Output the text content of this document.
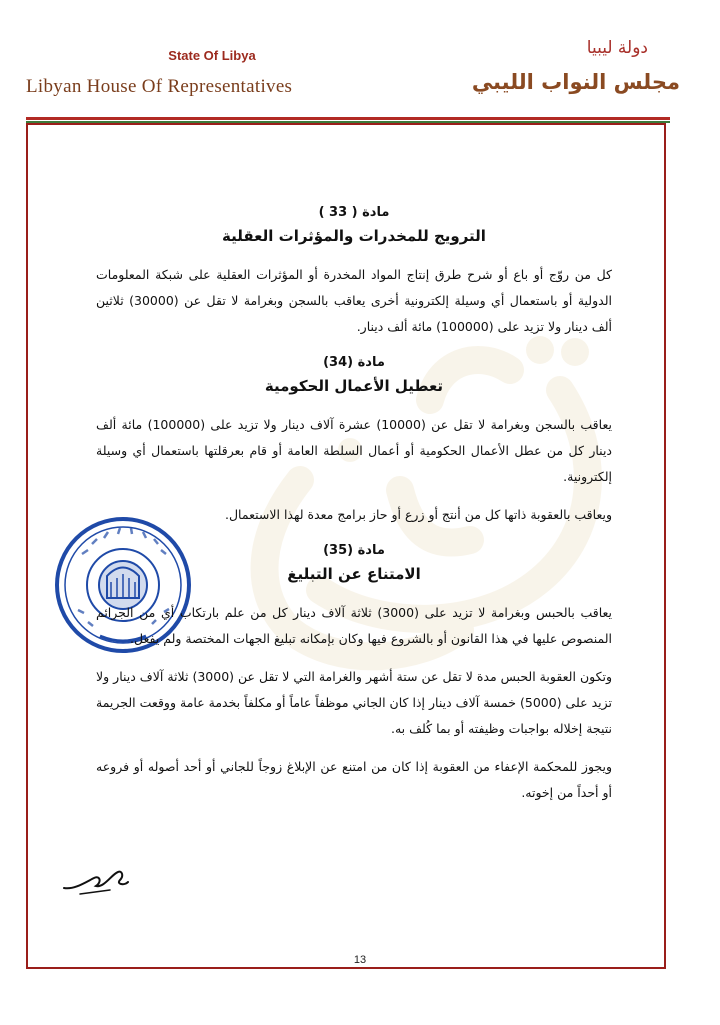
State Of Libya
Libyan House Of Representatives
دولة ليبيا
مجلس النواب الليبي
مادة ( 33 )
الترويج للمخدرات والمؤثرات العقلية

كل من روّج أو باع أو شرح طرق إنتاج المواد المخدرة أو المؤثرات العقلية على شبكة المعلومات الدولية أو باستعمال أي وسيلة إلكترونية أخرى يعاقب بالسجن وبغرامة لا تقل عن (30000) ثلاثين ألف دينار ولا تزيد على (100000) مائة ألف دينار.

مادة (34)
تعطيل الأعمال الحكومية

يعاقب بالسجن وبغرامة لا تقل عن (10000) عشرة آلاف دينار ولا تزيد على (100000) مائة ألف دينار كل من عطل الأعمال الحكومية أو أعمال السلطة العامة أو قام بعرقلتها باستعمال أي وسيلة إلكترونية.

ويعاقب بالعقوبة ذاتها كل من أنتج أو زرع أو حاز برامج معدة لهذا الاستعمال.

مادة (35)
الامتناع عن التبليغ

يعاقب بالحبس وبغرامة لا تزيد على (3000) ثلاثة آلاف دينار كل من علم بارتكاب أي من الجرائم المنصوص عليها في هذا القانون أو بالشروع فيها وكان بإمكانه تبليغ الجهات المختصة ولم يفعل.

وتكون العقوبة الحبس مدة لا تقل عن ستة أشهر والغرامة التي لا تقل عن (3000) ثلاثة آلاف دينار ولا تزيد على (5000) خمسة آلاف دينار إذا كان الجاني موظفاً عاماً أو مكلفاً بخدمة عامة ووقعت الجريمة نتيجة إخلاله بواجبات وظيفته أو بما كُلف به.

ويجوز للمحكمة الإعفاء من العقوبة إذا كان من امتنع عن الإبلاغ زوجاً للجاني أو أحد أصوله أو فروعه أو أحداً من إخوته.

13
